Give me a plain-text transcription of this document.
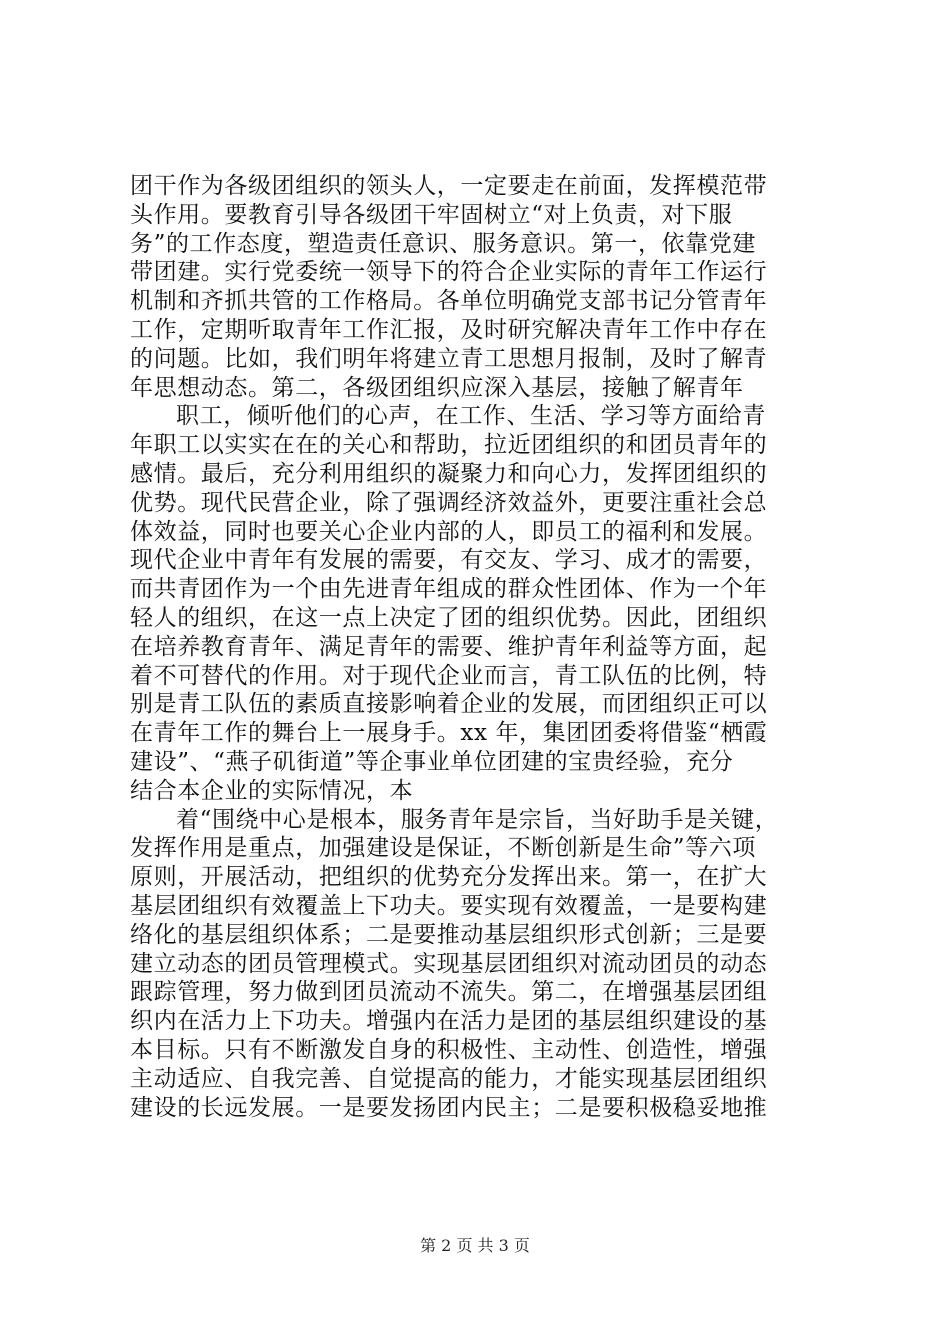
团干作为各级团组织的领头人，一定要走在前面，发挥模范带
头作用。要教育引导各级团干牢固树立“对上负责，对下服
务”的工作态度，塑造责任意识、服务意识。第一，依靠党建
带团建。实行党委统一领导下的符合企业实际的青年工作运行
机制和齐抓共管的工作格局。各单位明确党支部书记分管青年
工作，定期听取青年工作汇报，及时研究解决青年工作中存在
的问题。比如，我们明年将建立青工思想月报制，及时了解青
年思想动态。第二，各级团组织应深入基层，接触了解青年
职工，倾听他们的心声，在工作、生活、学习等方面给青
年职工以实实在在的关心和帮助，拉近团组织的和团员青年的
感情。最后，充分利用组织的凝聚力和向心力，发挥团组织的
优势。现代民营企业，除了强调经济效益外，更要注重社会总
体效益，同时也要关心企业内部的人，即员工的福利和发展。
现代企业中青年有发展的需要，有交友、学习、成才的需要，
而共青团作为一个由先进青年组成的群众性团体、作为一个年
轻人的组织，在这一点上决定了团的组织优势。因此，团组织
在培养教育青年、满足青年的需要、维护青年利益等方面，起
着不可替代的作用。对于现代企业而言，青工队伍的比例，特
别是青工队伍的素质直接影响着企业的发展，而团组织正可以
在青年工作的舞台上一展身手。xx 年，集团团委将借鉴“栖霞
建设”、“燕子矶街道”等企事业单位团建的宝贵经验，充分
结合本企业的实际情况，本
着“围绕中心是根本，服务青年是宗旨，当好助手是关键，
发挥作用是重点，加强建设是保证，不断创新是生命”等六项
原则，开展活动，把组织的优势充分发挥出来。第一，在扩大
基层团组织有效覆盖上下功夫。要实现有效覆盖，一是要构建
络化的基层组织体系；二是要推动基层组织形式创新；三是要
建立动态的团员管理模式。实现基层团组织对流动团员的动态
跟踪管理，努力做到团员流动不流失。第二，在增强基层团组
织内在活力上下功夫。增强内在活力是团的基层组织建设的基
本目标。只有不断激发自身的积极性、主动性、创造性，增强
主动适应、自我完善、自觉提高的能力，才能实现基层团组织
建设的长远发展。一是要发扬团内民主；二是要积极稳妥地推
第 2 页 共 3 页
